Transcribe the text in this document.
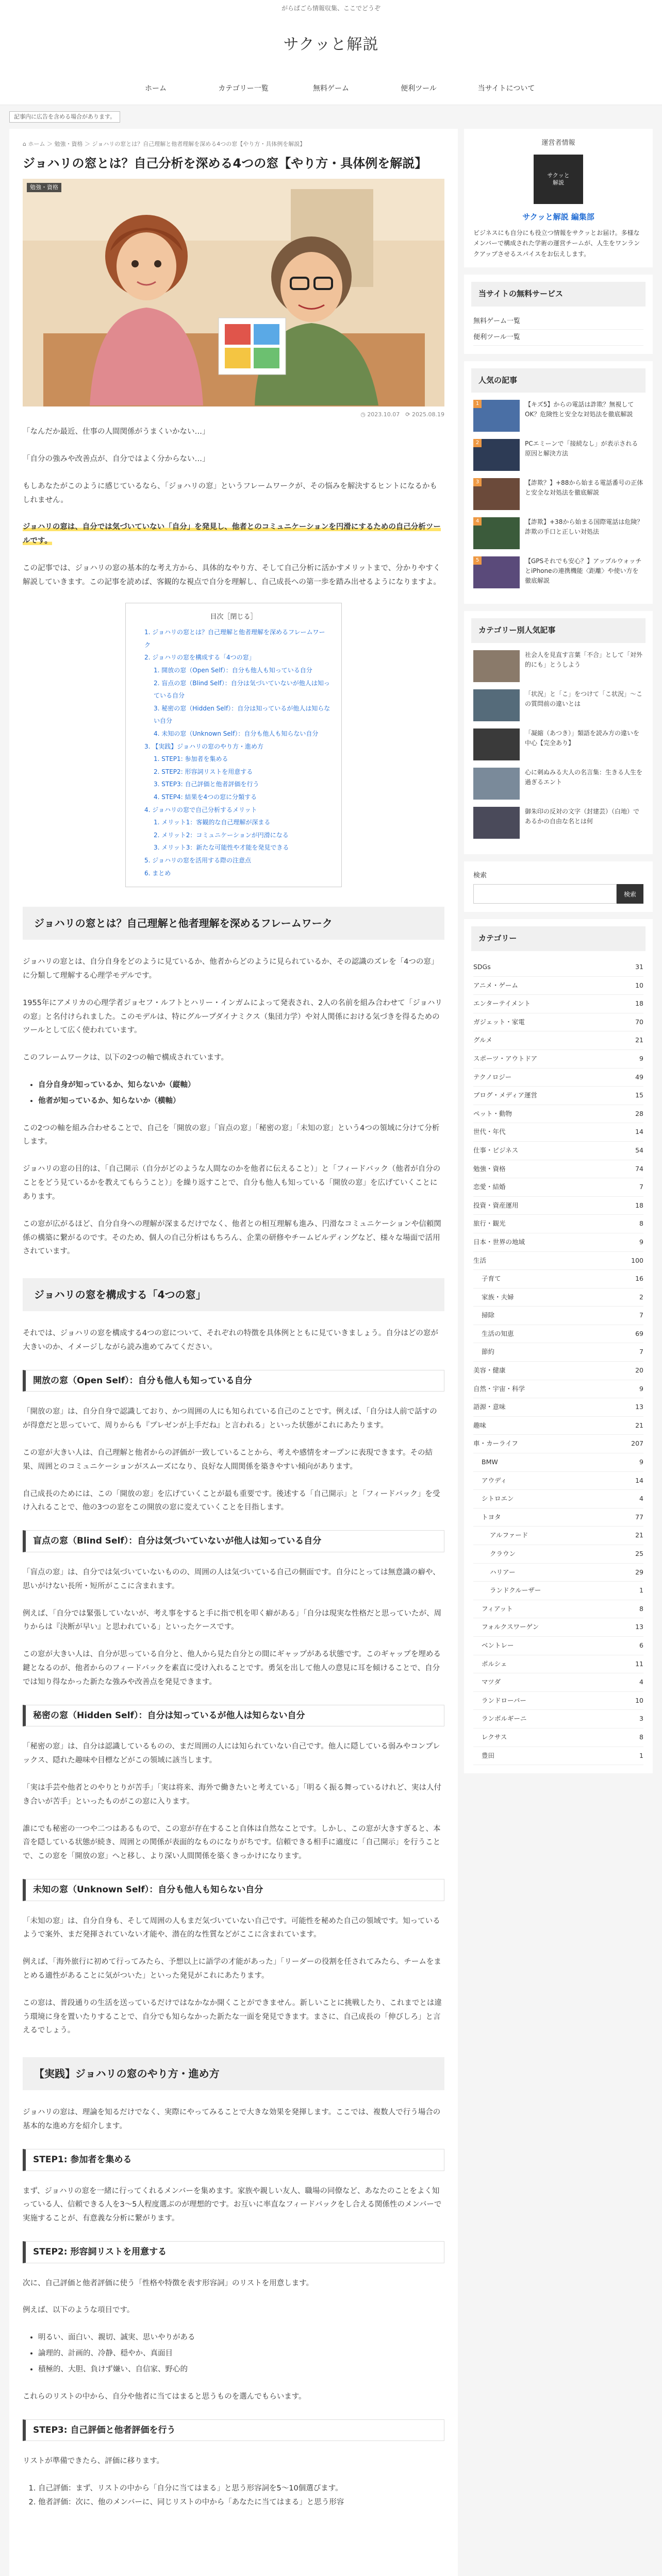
がらぱごら情報収集、ここでどうぞ
サクッと解説
ホーム	カテゴリー一覧	無料ゲーム	便利ツール	当サイトについて
記事内に広告を含める場合があります。
⌂ ホーム ＞ 勉強・資格 ＞ ジョハリの窓とは？自己理解と他者理解を深める4つの窓【やり方・具体例を解説】
ジョハリの窓とは？自己分析を深める4つの窓【やり方・具体例を解説】
勉強・資格
◷ 2023.10.07　⟳ 2025.08.19

「なんだか最近、仕事の人間関係がうまくいかない…」

「自分の強みや改善点が、自分ではよく分からない…」

もしあなたがこのように感じているなら、「ジョハリの窓」というフレームワークが、その悩みを解決するヒントになるかもしれません。

ジョハリの窓は、自分では気づいていない「自分」を発見し、他者とのコミュニケーションを円滑にするための自己分析ツールです。

この記事では、ジョハリの窓の基本的な考え方から、具体的なやり方、そして自己分析に活かすメリットまで、分かりやすく解説していきます。この記事を読めば、客観的な視点で自分を理解し、自己成長への第一歩を踏み出せるようになりますよ。

目次［閉じる］
1. ジョハリの窓とは？自己理解と他者理解を深めるフレームワーク
2. ジョハリの窓を構成する「4つの窓」
1. 開放の窓（Open Self）：自分も他人も知っている自分
2. 盲点の窓（Blind Self）：自分は気づいていないが他人は知っている自分
3. 秘密の窓（Hidden Self）：自分は知っているが他人は知らない自分
4. 未知の窓（Unknown Self）：自分も他人も知らない自分
3. 【実践】ジョハリの窓のやり方・進め方
1. STEP1: 参加者を集める
2. STEP2: 形容詞リストを用意する
3. STEP3: 自己評価と他者評価を行う
4. STEP4: 結果を4つの窓に分類する
4. ジョハリの窓で自己分析するメリット
1. メリット1：客観的な自己理解が深まる
2. メリット2：コミュニケーションが円滑になる
3. メリット3：新たな可能性や才能を発見できる
5. ジョハリの窓を活用する際の注意点
6. まとめ
ジョハリの窓とは？自己理解と他者理解を深めるフレームワーク

ジョハリの窓とは、自分自身をどのように見ているか、他者からどのように見られているか、その認識のズレを「4つの窓」に分類して理解する心理学モデルです。

1955年にアメリカの心理学者ジョセフ・ルフトとハリー・インガムによって発表され、2人の名前を組み合わせて「ジョハリの窓」と名付けられました。このモデルは、特にグループダイナミクス（集団力学）や対人関係における気づきを得るためのツールとして広く使われています。

このフレームワークは、以下の2つの軸で構成されています。

• 自分自身が知っているか、知らないか（縦軸）
• 他者が知っているか、知らないか（横軸）

この2つの軸を組み合わせることで、自己を「開放の窓」「盲点の窓」「秘密の窓」「未知の窓」という4つの領域に分けて分析します。

ジョハリの窓の目的は、「自己開示（自分がどのような人間なのかを他者に伝えること）」と「フィードバック（他者が自分のことをどう見ているかを教えてもらうこと）」を繰り返すことで、自分も他人も知っている「開放の窓」を広げていくことにあります。

この窓が広がるほど、自分自身への理解が深まるだけでなく、他者との相互理解も進み、円滑なコミュニケーションや信頼関係の構築に繋がるのです。そのため、個人の自己分析はもちろん、企業の研修やチームビルディングなど、様々な場面で活用されています。

ジョハリの窓を構成する「4つの窓」

それでは、ジョハリの窓を構成する4つの窓について、それぞれの特徴を具体例とともに見ていきましょう。自分はどの窓が大きいのか、イメージしながら読み進めてみてください。

開放の窓（Open Self）：自分も他人も知っている自分

「開放の窓」は、自分自身で認識しており、かつ周囲の人にも知られている自己のことです。例えば、「自分は人前で話すのが得意だと思っていて、周りからも『プレゼンが上手だね』と言われる」といった状態がこれにあたります。

この窓が大きい人は、自己理解と他者からの評価が一致していることから、考えや感情をオープンに表現できます。その結果、周囲とのコミュニケーションがスムーズになり、良好な人間関係を築きやすい傾向があります。

自己成長のためには、この「開放の窓」を広げていくことが最も重要です。後述する「自己開示」と「フィードバック」を受け入れることで、他の3つの窓をこの開放の窓に変えていくことを目指します。

盲点の窓（Blind Self）：自分は気づいていないが他人は知っている自分

「盲点の窓」は、自分では気づいていないものの、周囲の人は気づいている自己の側面です。自分にとっては無意識の癖や、思いがけない長所・短所がここに含まれます。

例えば、「自分では緊張していないが、考え事をすると手に指で机を叩く癖がある」「自分は現実な性格だと思っていたが、周りからは『決断が早い』と思われている」といったケースです。

この窓が大きい人は、自分が思っている自分と、他人から見た自分との間にギャップがある状態です。このギャップを埋める鍵となるのが、他者からのフィードバックを素直に受け入れることです。勇気を出して他人の意見に耳を傾けることで、自分では知り得なかった新たな強みや改善点を発見できます。

秘密の窓（Hidden Self）：自分は知っているが他人は知らない自分

「秘密の窓」は、自分は認識しているものの、まだ周囲の人には知られていない自己です。他人に隠している弱みやコンプレックス、隠れた趣味や目標などがこの領域に該当します。

「実は手芸や他者とのやりとりが苦手」「実は将来、海外で働きたいと考えている」「明るく振る舞っているけれど、実は人付き合いが苦手」といったものがこの窓に入ります。

誰にでも秘密の一つや二つはあるもので、この窓が存在すること自体は自然なことです。しかし、この窓が大きすぎると、本音を隠している状態が続き、周囲との関係が表面的なものになりがちです。信頼できる相手に適度に「自己開示」を行うことで、この窓を「開放の窓」へと移し、より深い人間関係を築くきっかけになります。

未知の窓（Unknown Self）：自分も他人も知らない自分

「未知の窓」は、自分自身も、そして周囲の人もまだ気づいていない自己です。可能性を秘めた自己の領域です。知っているようで案外、まだ発揮されていない才能や、潜在的な性質などがここに含まれています。

例えば、「海外旅行に初めて行ってみたら、予想以上に語学の才能があった」「リーダーの役割を任されてみたら、チームをまとめる適性があることに気がついた」といった発見がこれにあたります。

この窓は、普段通りの生活を送っているだけではなかなか開くことができません。新しいことに挑戦したり、これまでとは違う環境に身を置いたりすることで、自分でも知らなかった新たな一面を発見できます。まさに、自己成長の「伸びしろ」と言えるでしょう。

【実践】ジョハリの窓のやり方・進め方

ジョハリの窓は、理論を知るだけでなく、実際にやってみることで大きな効果を発揮します。ここでは、複数人で行う場合の基本的な進め方を紹介します。

STEP1: 参加者を集める

まず、ジョハリの窓を一緒に行ってくれるメンバーを集めます。家族や親しい友人、職場の同僚など、あなたのことをよく知っている人、信頼できる人を3～5人程度選ぶのが理想的です。お互いに率直なフィードバックをし合える関係性のメンバーで実施することが、有意義な分析に繋がります。

STEP2: 形容詞リストを用意する

次に、自己評価と他者評価に使う「性格や特徴を表す形容詞」のリストを用意します。

例えば、以下のような項目です。

• 明るい、面白い、親切、誠実、思いやりがある
• 論理的、計画的、冷静、穏やか、真面目
• 積極的、大胆、負けず嫌い、自信家、野心的

これらのリストの中から、自分や他者に当てはまると思うものを選んでもらいます。

STEP3: 自己評価と他者評価を行う

リストが準備できたら、評価に移ります。

1. 自己評価：まず、リストの中から「自分に当てはまる」と思う形容詞を5～10個選びます。
2. 他者評価：次に、他のメンバーに、同じリストの中から「あなたに当てはまる」と思う形容
運営者情報
サクッと
解説
サクッと解説 編集部
ビジネスにも自分にも役立つ情報をサクッとお届け。多様なメンバーで構成された学術の運営チームが、人生をワンランクアップさせるスパイスをお伝えします。
当サイトの無料サービス
無料ゲーム一覧
便利ツール一覧
人気の記事
1	【キズ5】からの電話は詐欺？無視してOK？危険性と安全な対処法を徹底解説
2	PCエミーンで「接続なし」が表示される原因と解決方法
3	【詐欺？】+88から始まる電話番号の正体と安全な対処法を徹底解説
4	【詐欺】+38から始まる国際電話は危険？詐欺の手口と正しい対処法
5	【GPSそれでも安心？】アップルウォッチとiPhoneの連携機能〈距離〉や使い方を徹底解説
カテゴリー別人気記事
社会人を見直す言葉「不合」として「対外的にも」とうしよう
「状況」と「こ」をつけて「こ状況」〜この質問前の違いとは
「凝縮（あつき）」類語を読み方の違いを中心【完全あり】
心に刺ぬみる大人の名言集：生きる人生を過ぎるエント
御朱印の反対の文字（封建芸）（白地）であるかの自由な名とは何
検索
検索
カテゴリー
SDGs	31
アニメ・ゲーム	10
エンターテイメント	18
ガジェット・家電	70
グルメ	21
スポーツ・アウトドア	9
テクノロジー	49
ブログ・メディア運営	15
ペット・動物	28
世代・年代	14
仕事・ビジネス	54
勉強・資格	74
恋愛・結婚	7
投資・資産運用	18
旅行・観光	8
日本・世界の地域	9
生活	100
子育て	16
家族・夫婦	2
掃除	7
生活の知恵	69
節約	7
美容・健康	20
自然・宇宙・科学	9
語源・意味	13
趣味	21
車・カーライフ	207
BMW	9
アウディ	14
シトロエン	4
トヨタ	77
アルファード	21
クラウン	25
ハリアー	29
ランドクルーザー	1
フィアット	8
フォルクスワーゲン	13
ベントレー	6
ポルシェ	11
マツダ	4
ランドローバー	10
ランボルギーニ	3
レクサス	8
豊田	1
